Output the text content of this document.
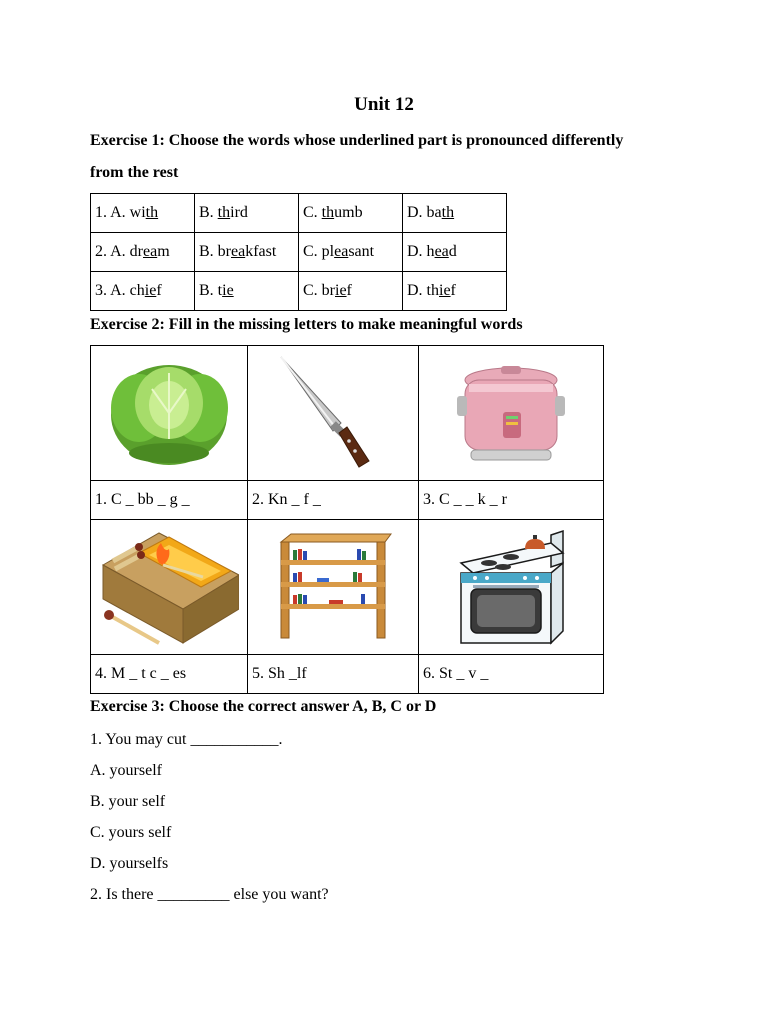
Unit 12
Exercise 1: Choose the words whose underlined part is pronounced differently
from the rest
1. A. with	B. third	C. thumb	D. bath
2. A. dream	B. breakfast	C. pleasant	D. head
3. A. chief	B. tie	C. brief	D. thief
Exercise 2: Fill in the missing letters to make meaningful words

1. C _ bb _ g _	2. Kn _ f _	3. C _ _ k _ r

4. M _ t c _ es	5. Sh _lf	6. St _ v _
Exercise 3: Choose the correct answer A, B, C or D
1. You may cut ___________.
A. yourself
B. your self
C. yours self
D. yourselfs
2. Is there _________ else you want?
